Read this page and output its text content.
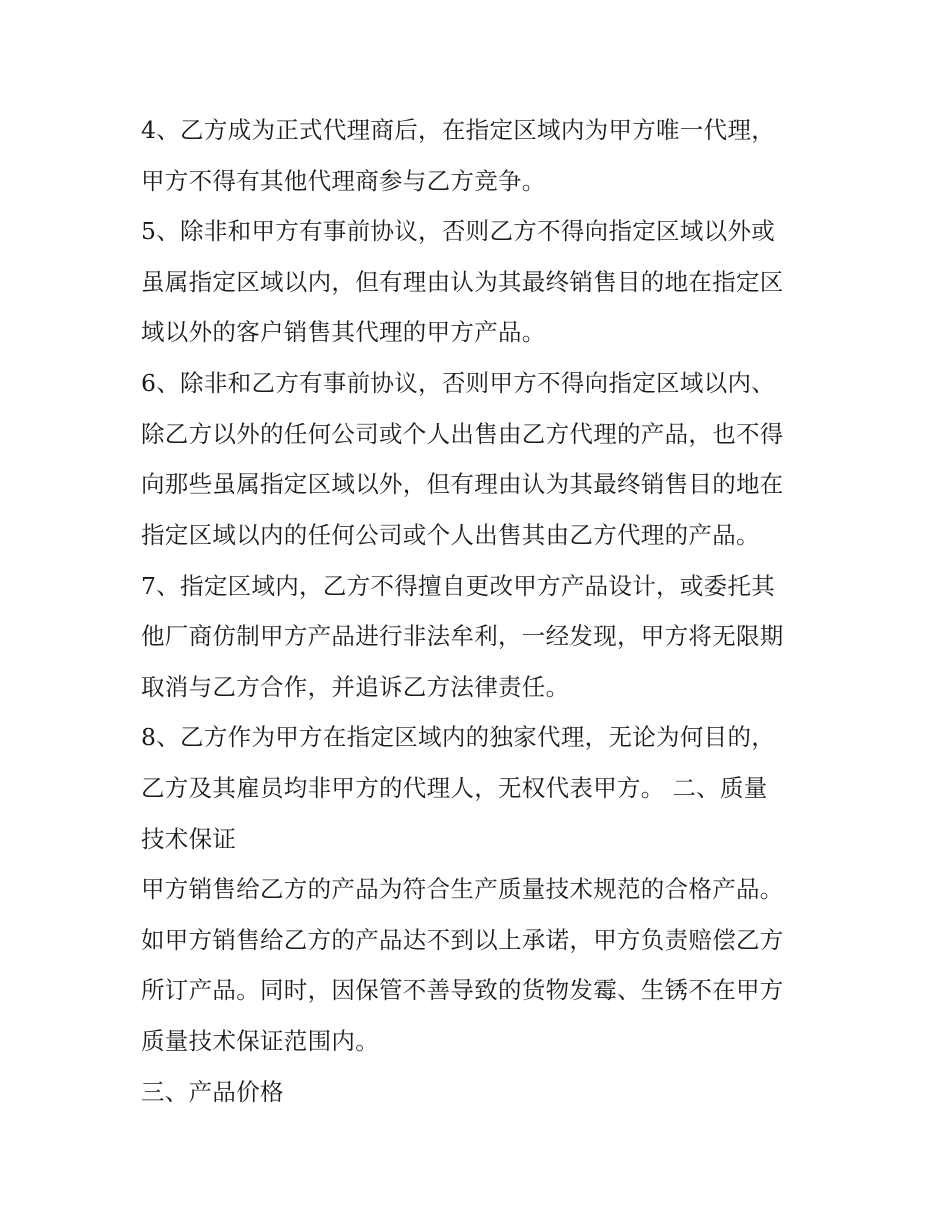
4、乙方成为正式代理商后，在指定区域内为甲方唯一代理，
甲方不得有其他代理商参与乙方竞争。
5、除非和甲方有事前协议，否则乙方不得向指定区域以外或
虽属指定区域以内，但有理由认为其最终销售目的地在指定区
域以外的客户销售其代理的甲方产品。
6、除非和乙方有事前协议，否则甲方不得向指定区域以内、
除乙方以外的任何公司或个人出售由乙方代理的产品，也不得
向那些虽属指定区域以外，但有理由认为其最终销售目的地在
指定区域以内的任何公司或个人出售其由乙方代理的产品。
7、指定区域内，乙方不得擅自更改甲方产品设计，或委托其
他厂商仿制甲方产品进行非法牟利，一经发现，甲方将无限期
取消与乙方合作，并追诉乙方法律责任。
8、乙方作为甲方在指定区域内的独家代理，无论为何目的，
乙方及其雇员均非甲方的代理人，无权代表甲方。 二、质量
技术保证
甲方销售给乙方的产品为符合生产质量技术规范的合格产品。
如甲方销售给乙方的产品达不到以上承诺，甲方负责赔偿乙方
所订产品。同时，因保管不善导致的货物发霉、生锈不在甲方
质量技术保证范围内。
三、产品价格
